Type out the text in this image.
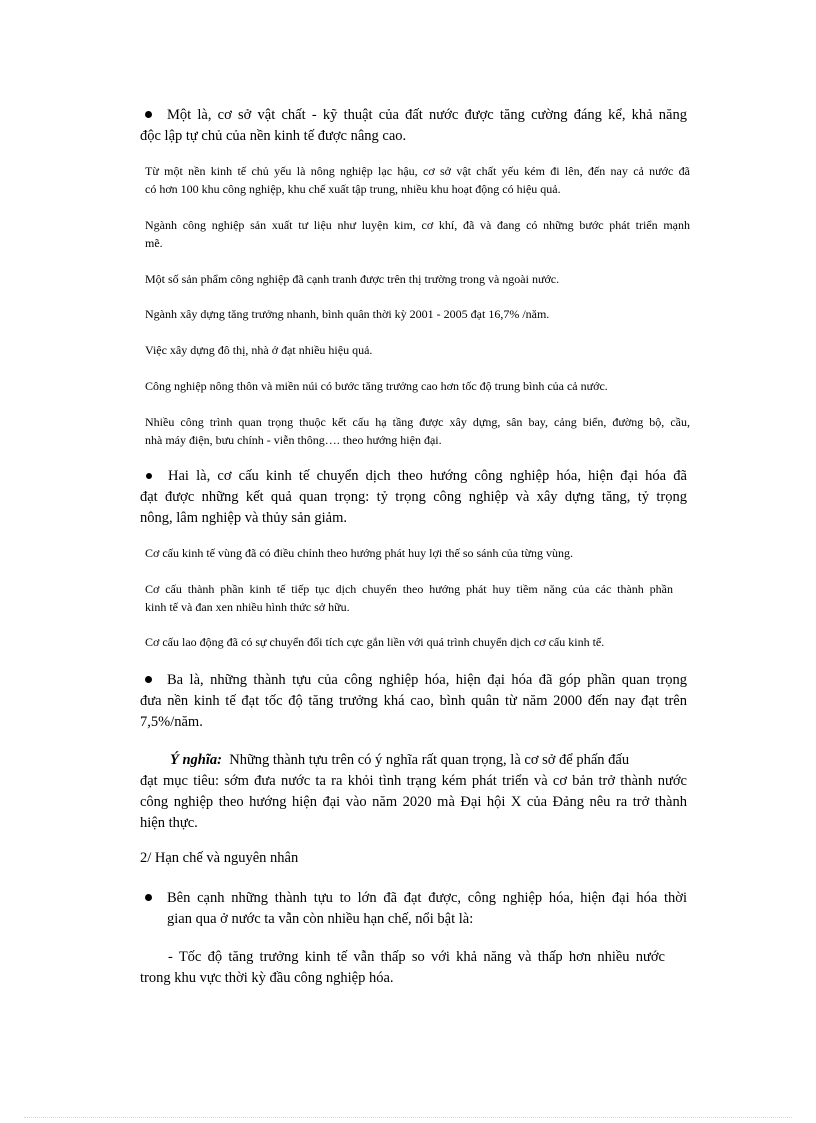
Một là, cơ sở vật chất - kỹ thuật của đất nước được tăng cường đáng kể, khả năng

độc lập tự chủ của nền kinh tế được nâng cao.

Từ một nền kinh tế chủ yếu là nông nghiệp lạc hậu, cơ sở vật chất yếu kém đi lên, đến nay cả nước đã

có hơn 100 khu công nghiệp, khu chế xuất tập trung, nhiều khu hoạt động có hiệu quả.

Ngành công nghiệp sản xuất tư liệu như luyện kim, cơ khí, đã và đang có những bước phát triển mạnh

mẽ.

Một số sản phẩm công nghiệp đã cạnh tranh được trên thị trường trong và ngoài nước.

Ngành xây dựng tăng trưởng nhanh, bình quân thời kỳ 2001 - 2005 đạt 16,7% /năm.

Việc xây dựng đô thị, nhà ở đạt nhiều hiệu quả.

Công nghiệp nông thôn và miền núi có bước tăng trưởng cao hơn tốc độ trung bình của cả nước.

Nhiều công trình quan trọng thuộc kết cấu hạ tầng được xây dựng, sân bay, cảng biển, đường bộ, cầu,

nhà máy điện, bưu chính - viễn thông…. theo hướng hiện đại.

Hai là, cơ cấu kinh tế chuyển dịch theo hướng công nghiệp hóa, hiện đại hóa đã

đạt được những kết quả quan trọng: tỷ trọng công nghiệp và xây dựng tăng, tỷ trọng

nông, lâm nghiệp và thủy sản giảm.

Cơ cấu kinh tế vùng đã có điều chỉnh theo hướng phát huy lợi thế so sánh của từng vùng.

Cơ cấu thành phần kinh tế tiếp tục dịch chuyển theo hướng phát huy tiềm năng của các thành phần

kinh tế và đan xen nhiều hình thức sở hữu.

Cơ cấu lao động đã có sự chuyển đổi tích cực gắn liền với quá trình chuyển dịch cơ cấu kinh tế.

Ba là, những thành tựu của công nghiệp hóa, hiện đại hóa đã góp phần quan trọng

đưa nền kinh tế đạt tốc độ tăng trưởng khá cao, bình quân từ năm 2000 đến nay đạt trên

7,5%/năm.

Ý nghĩa: Những thành tựu trên có ý nghĩa rất quan trọng, là cơ sở để phấn đấu

đạt mục tiêu: sớm đưa nước ta ra khỏi tình trạng kém phát triển và cơ bản trở thành nước

công nghiệp theo hướng hiện đại vào năm 2020 mà Đại hội X của Đảng nêu ra trở thành

hiện thực.

2/ Hạn chế và nguyên nhân

Bên cạnh những thành tựu to lớn đã đạt được, công nghiệp hóa, hiện đại hóa thời

gian qua ở nước ta vẫn còn nhiều hạn chế, nổi bật là:

- Tốc độ tăng trưởng kinh tế vẫn thấp so với khả năng và thấp hơn nhiều nước

trong khu vực thời kỳ đầu công nghiệp hóa.
